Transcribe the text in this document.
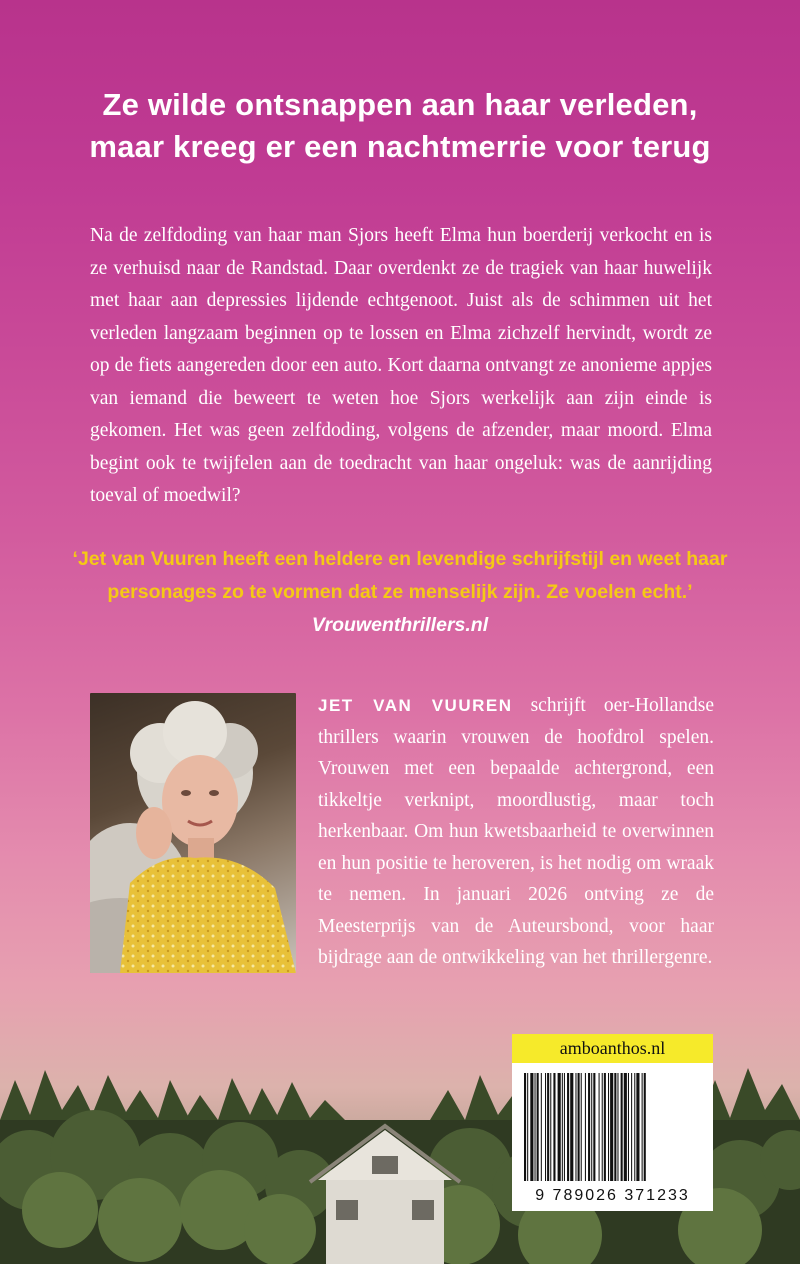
Ze wilde ontsnappen aan haar verleden,
maar kreeg er een nachtmerrie voor terug
Na de zelfdoding van haar man Sjors heeft Elma hun boerderij verkocht en is ze verhuisd naar de Randstad. Daar overdenkt ze de tragiek van haar huwelijk met haar aan depressies lijdende echtgenoot. Juist als de schimmen uit het verleden langzaam beginnen op te lossen en Elma zichzelf hervindt, wordt ze op de fiets aangereden door een auto. Kort daarna ontvangt ze anonieme appjes van iemand die beweert te weten hoe Sjors werkelijk aan zijn einde is gekomen. Het was geen zelfdoding, volgens de afzender, maar moord. Elma begint ook te twijfelen aan de toedracht van haar ongeluk: was de aanrijding toeval of moedwil?
‘Jet van Vuuren heeft een heldere en levendige schrijfstijl en weet haar
personages zo te vormen dat ze menselijk zijn. Ze voelen echt.’
Vrouwenthrillers.nl
JET VAN VUUREN schrijft oer-Hollandse thrillers waarin vrouwen de hoofdrol spelen. Vrouwen met een bepaalde achtergrond, een tikkeltje verknipt, moordlustig, maar toch herkenbaar. Om hun kwetsbaarheid te overwinnen en hun positie te heroveren, is het nodig om wraak te nemen. In januari 2026 ontving ze de Meesterprijs van de Auteursbond, voor haar bijdrage aan de ontwikkeling van het thrillergenre.
amboanthos.nl
9 789026 371233
